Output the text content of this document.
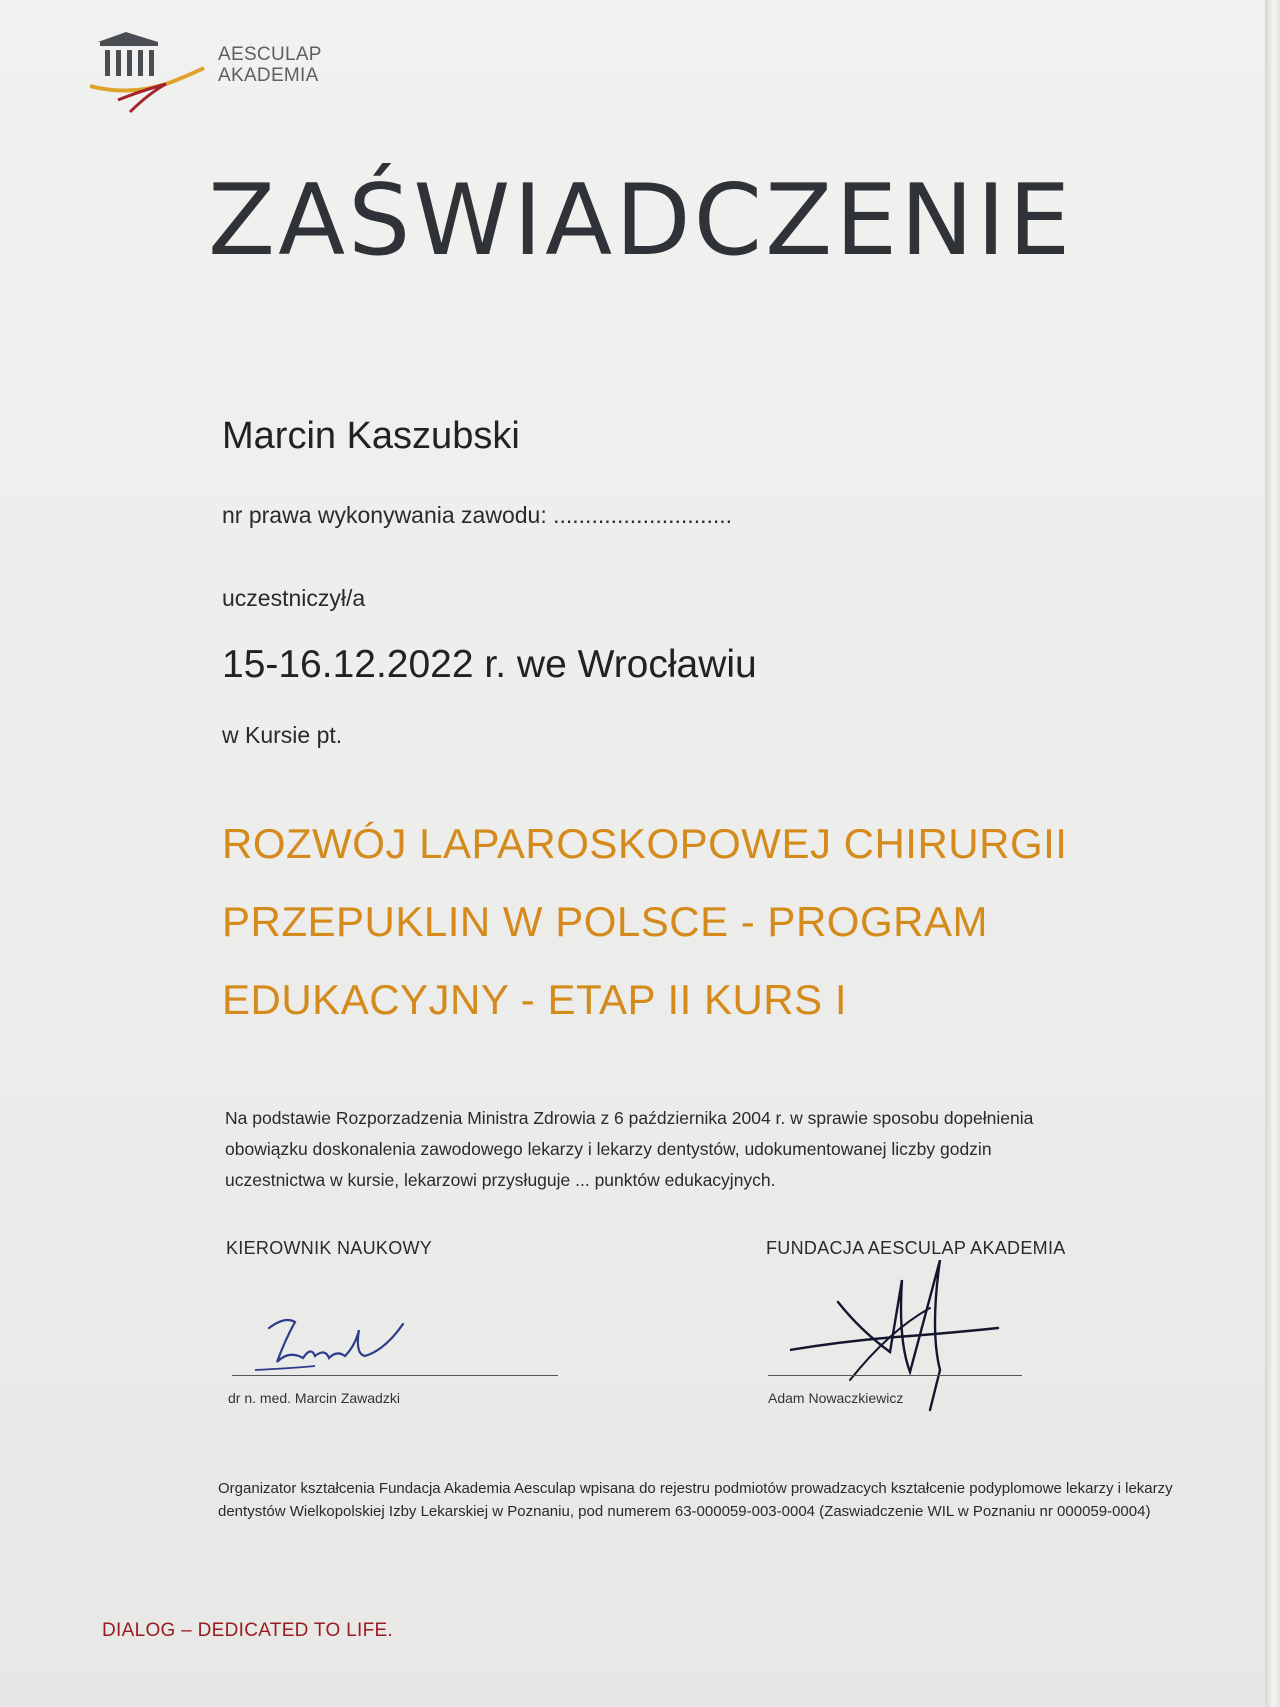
AESCULAP
AKADEMIA
ZAŚWIADCZENIE
Marcin Kaszubski
nr prawa wykonywania zawodu: ............................
uczestniczył/a
15-16.12.2022 r. we Wrocławiu
w Kursie pt.
ROZWÓJ LAPAROSKOPOWEJ CHIRURGII
PRZEPUKLIN W POLSCE - PROGRAM
EDUKACYJNY - ETAP II KURS I
Na podstawie Rozporzadzenia Ministra Zdrowia z 6 października 2004 r. w sprawie sposobu dopełnienia
obowiązku doskonalenia zawodowego lekarzy i lekarzy dentystów, udokumentowanej liczby godzin
uczestnictwa w kursie, lekarzowi przysługuje ... punktów edukacyjnych.
KIEROWNIK NAUKOWY	FUNDACJA AESCULAP AKADEMIA
dr n. med. Marcin Zawadzki	Adam Nowaczkiewicz
Organizator kształcenia Fundacja Akademia Aesculap wpisana do rejestru podmiotów prowadzacych kształcenie podyplomowe lekarzy i lekarzy
dentystów Wielkopolskiej Izby Lekarskiej w Poznaniu, pod numerem 63-000059-003-0004 (Zaswiadczenie WIL w Poznaniu nr 000059-0004)
DIALOG – DEDICATED TO LIFE.
